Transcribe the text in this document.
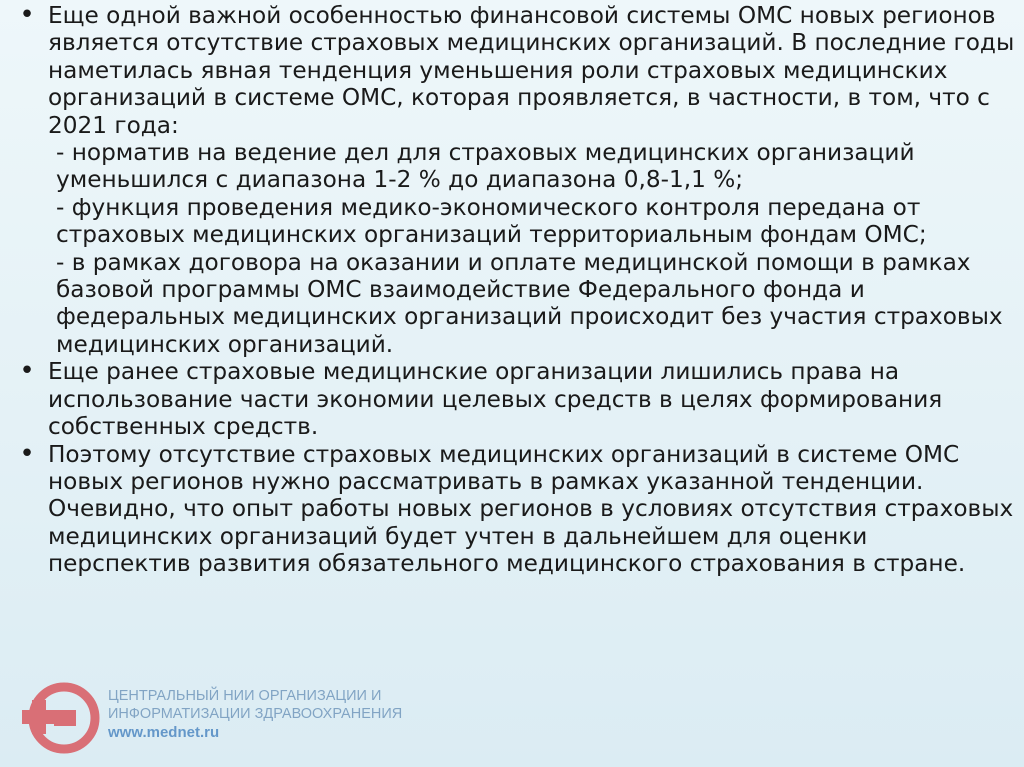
ЦЕНТРАЛЬНЫЙ НИИ ОРГАНИЗАЦИИ И
ИНФОРМАТИЗАЦИИ ЗДРАВООХРАНЕНИЯ
www.mednet.ru
• Еще одной важной особенностью финансовой системы ОМС новых регионов является отсутствие страховых медицинских организаций. В последние годы наметилась явная тенденция уменьшения роли страховых медицинских организаций в системе ОМС, которая проявляется, в частности, в том, что с 2021 года:

- норматив на ведение дел для страховых медицинских организаций уменьшился с диапазона 1-2 % до диапазона 0,8-1,1 %;

- функция проведения медико-экономического контроля передана от страховых медицинских организаций территориальным фондам ОМС;

- в рамках договора на оказании и оплате медицинской помощи в рамках базовой программы ОМС взаимодействие Федерального фонда и федеральных медицинских организаций происходит без участия страховых медицинских организаций.

• Еще ранее страховые медицинские организации лишились права на использование части экономии целевых средств в целях формирования собственных средств.

• Поэтому отсутствие страховых медицинских организаций в системе ОМС новых регионов нужно рассматривать в рамках указанной тенденции. Очевидно, что опыт работы новых регионов в условиях отсутствия страховых медицинских организаций будет учтен в дальнейшем для оценки перспектив развития обязательного медицинского страхования в стране.
